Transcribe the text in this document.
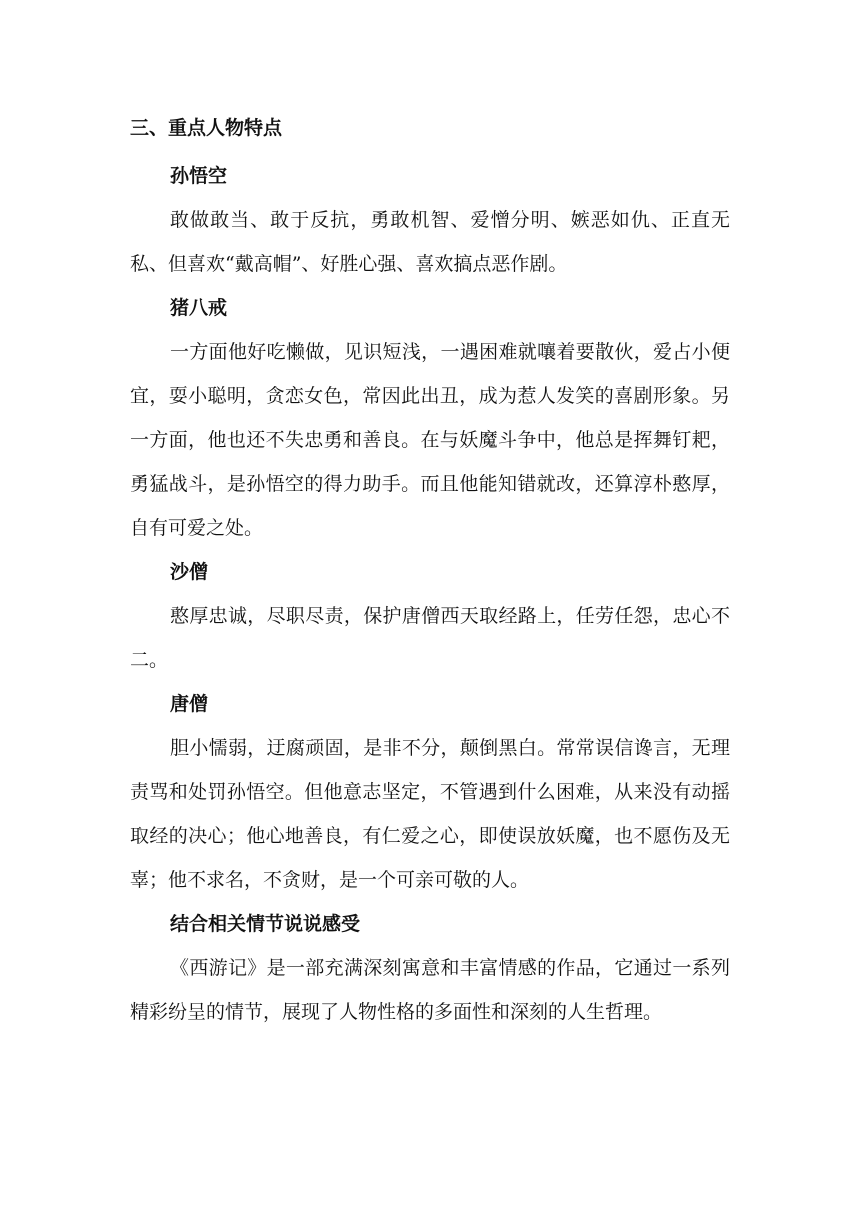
三、重点人物特点
孙悟空

敢做敢当、敢于反抗，勇敢机智、爱憎分明、嫉恶如仇、正直无私、但喜欢“戴高帽”、好胜心强、喜欢搞点恶作剧。

猪八戒

一方面他好吃懒做，见识短浅，一遇困难就嚷着要散伙，爱占小便宜，耍小聪明，贪恋女色，常因此出丑，成为惹人发笑的喜剧形象。另一方面，他也还不失忠勇和善良。在与妖魔斗争中，他总是挥舞钉耙，勇猛战斗，是孙悟空的得力助手。而且他能知错就改，还算淳朴憨厚，自有可爱之处。

沙僧

憨厚忠诚，尽职尽责，保护唐僧西天取经路上，任劳任怨，忠心不二。

唐僧

胆小懦弱，迂腐顽固，是非不分，颠倒黑白。常常误信谗言，无理责骂和处罚孙悟空。但他意志坚定，不管遇到什么困难，从来没有动摇取经的决心；他心地善良，有仁爱之心，即使误放妖魔，也不愿伤及无辜；他不求名，不贪财，是一个可亲可敬的人。

结合相关情节说说感受

《西游记》是一部充满深刻寓意和丰富情感的作品，它通过一系列精彩纷呈的情节，展现了人物性格的多面性和深刻的人生哲理。
